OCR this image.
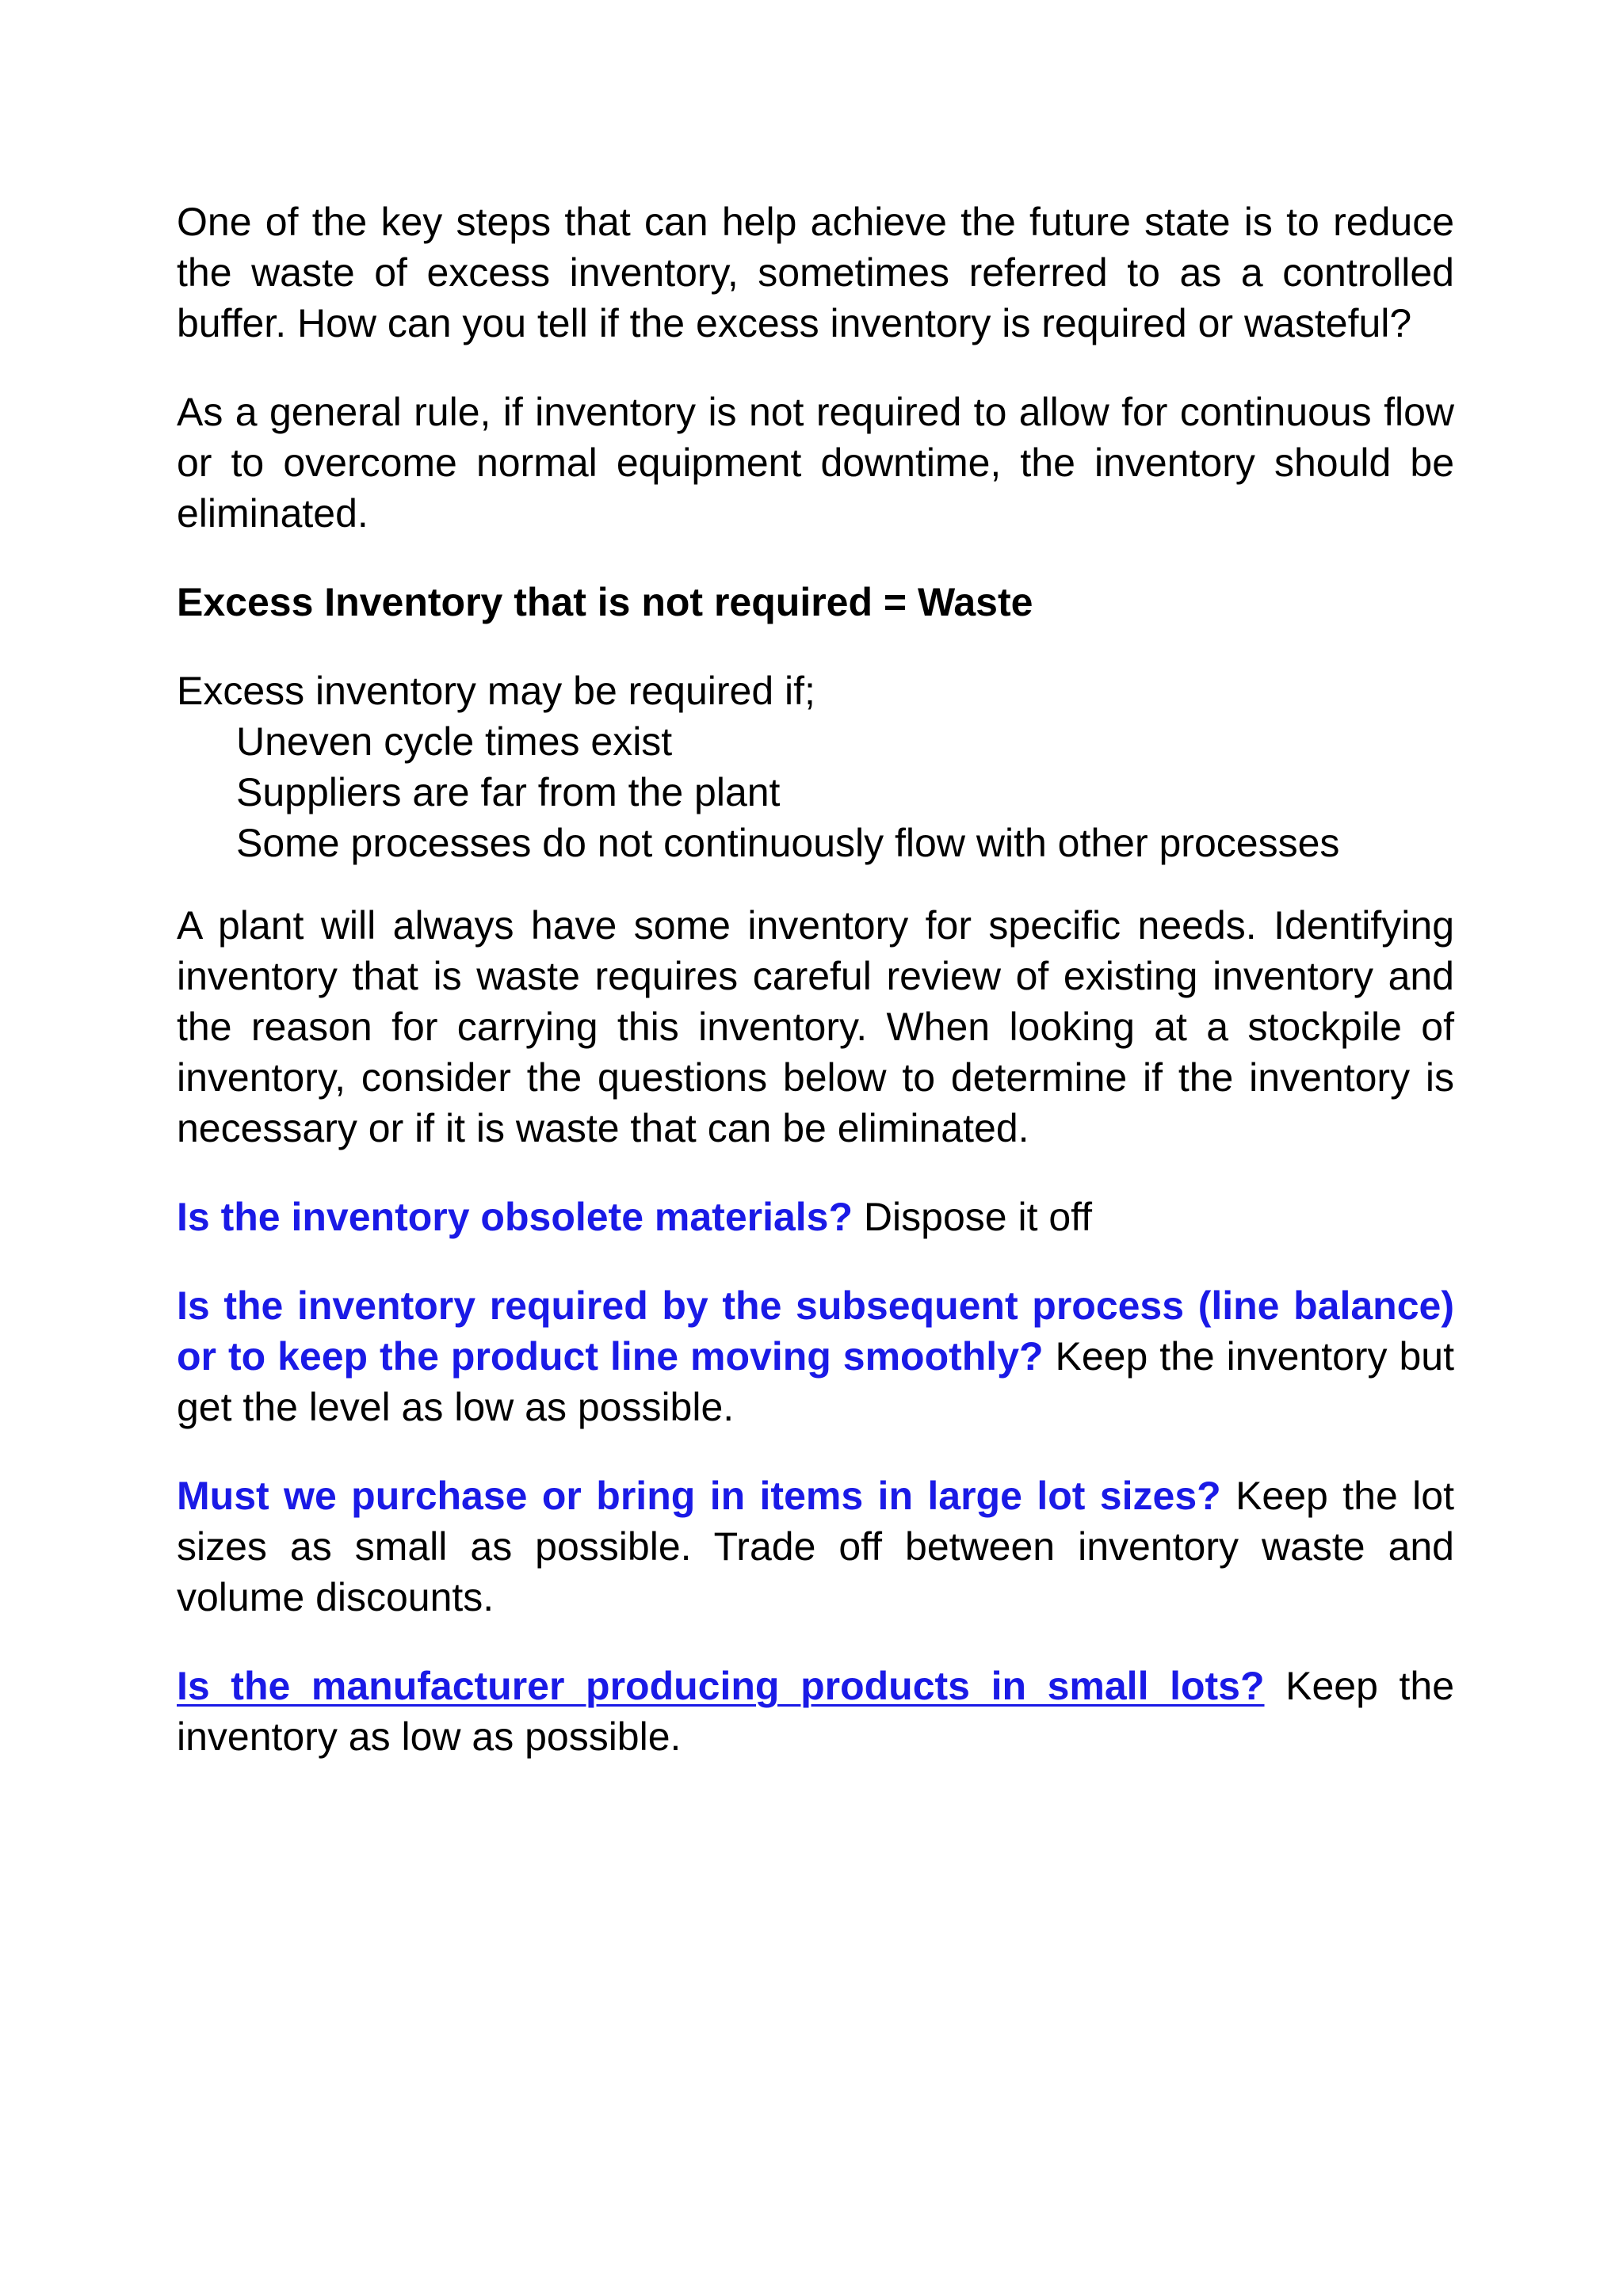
One of the key steps that can help achieve the future state is to reduce the waste of excess inventory, sometimes referred to as a controlled buffer. How can you tell if the excess inventory is required or wasteful?

As a general rule, if inventory is not required to allow for continuous flow or to overcome normal equipment downtime, the inventory should be eliminated.

Excess Inventory that is not required = Waste

Excess inventory may be required if;

Uneven cycle times exist
Suppliers are far from the plant
Some processes do not continuously flow with other processes

A plant will always have some inventory for specific needs. Identifying inventory that is waste requires careful review of existing inventory and the reason for carrying this inventory. When looking at a stockpile of inventory, consider the questions below to determine if the inventory is necessary or if it is waste that can be eliminated.

Is the inventory obsolete materials? Dispose it off

Is the inventory required by the subsequent process (line balance) or to keep the product line moving smoothly? Keep the inventory but get the level as low as possible.

Must we purchase or bring in items in large lot sizes? Keep the lot sizes as small as possible. Trade off between inventory waste and volume discounts.

Is the manufacturer producing products in small lots? Keep the inventory as low as possible.
